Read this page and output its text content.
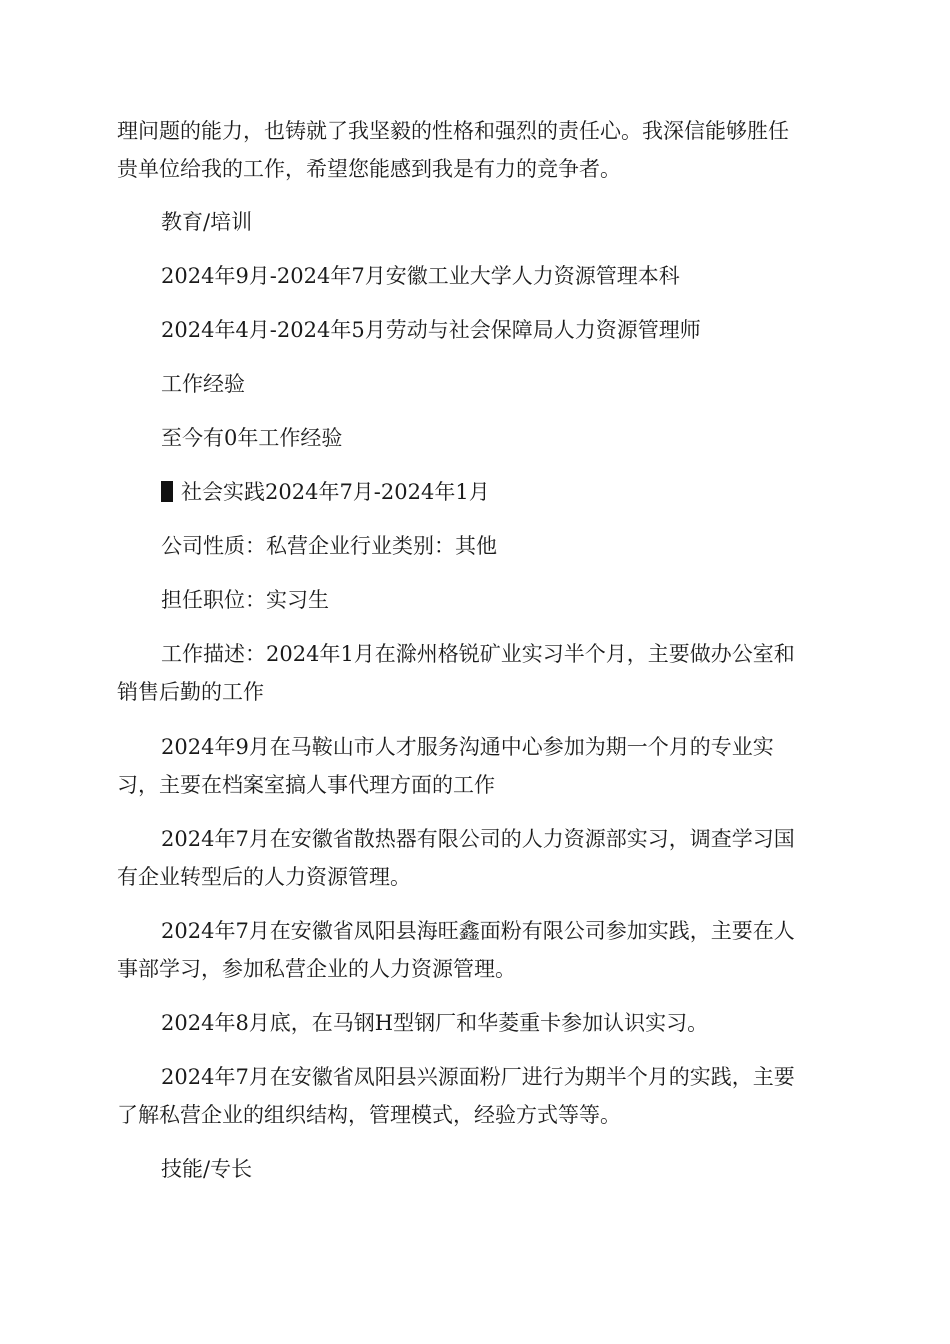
理问题的能力，也铸就了我坚毅的性格和强烈的责任心。我深信能够胜任

贵单位给我的工作，希望您能感到我是有力的竞争者。

教育/培训

2024年9月-2024年7月安徽工业大学人力资源管理本科

2024年4月-2024年5月劳动与社会保障局人力资源管理师

工作经验

至今有0年工作经验

社会实践2024年7月-2024年1月

公司性质：私营企业行业类别：其他

担任职位：实习生

工作描述：2024年1月在滁州格锐矿业实习半个月，主要做办公室和

销售后勤的工作

2024年9月在马鞍山市人才服务沟通中心参加为期一个月的专业实

习，主要在档案室搞人事代理方面的工作

2024年7月在安徽省散热器有限公司的人力资源部实习，调查学习国

有企业转型后的人力资源管理。

2024年7月在安徽省凤阳县海旺鑫面粉有限公司参加实践，主要在人

事部学习，参加私营企业的人力资源管理。

2024年8月底，在马钢H型钢厂和华菱重卡参加认识实习。

2024年7月在安徽省凤阳县兴源面粉厂进行为期半个月的实践，主要

了解私营企业的组织结构，管理模式，经验方式等等。

技能/专长
